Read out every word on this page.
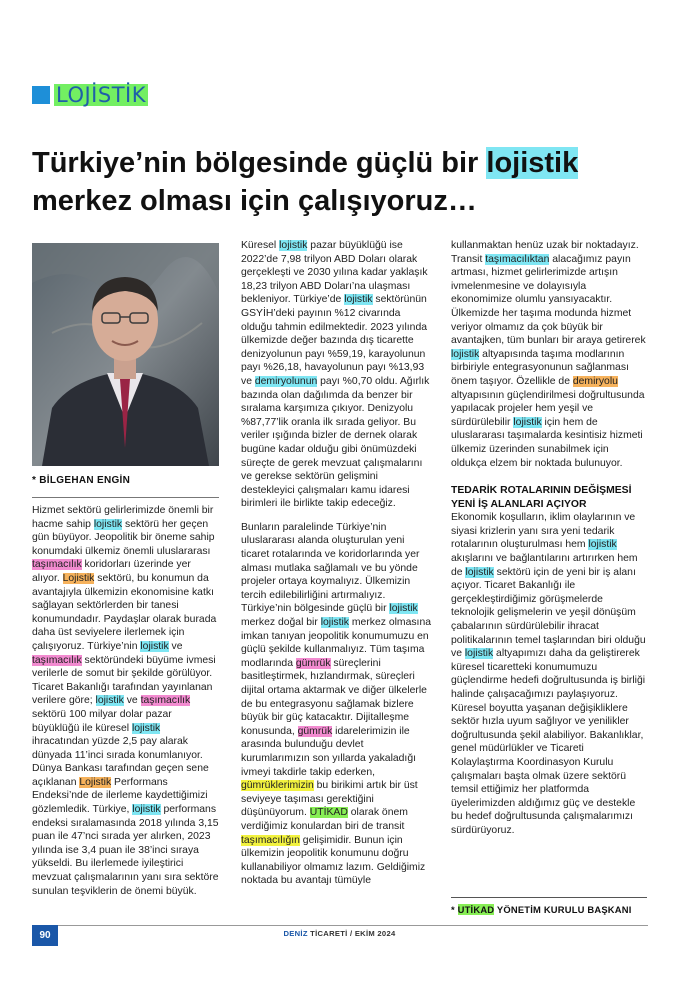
LOJİSTİK
Türkiye’nin bölgesinde güçlü bir lojistik merkez olması için çalışıyoruz…
* BİLGEHAN ENGİN

Hizmet sektörü gelirlerimizde önemli bir hacme sahip lojistik sektörü her geçen gün büyüyor. Jeopolitik bir öneme sahip konumdaki ülkemiz önemli uluslararası taşımacılık koridorları üzerinde yer alıyor. Lojistik sektörü, bu konumun da avantajıyla ülkemizin ekonomisine katkı sağlayan sektörlerden bir tanesi konumundadır. Paydaşlar olarak burada daha üst seviyelere ilerlemek için çalışıyoruz. Türkiye’nin lojistik ve taşımacılık sektöründeki büyüme ivmesi verilerle de somut bir şekilde görülüyor. Ticaret Bakanlığı tarafından yayınlanan verilere göre; lojistik ve taşımacılık sektörü 100 milyar dolar pazar büyüklüğü ile küresel lojistik ihracatından yüzde 2,5 pay alarak dünyada 11’inci sırada konumlanıyor. Dünya Bankası tarafından geçen sene açıklanan Lojistik Performans Endeksi’nde de ilerleme kaydettiğimizi gözlemledik. Türkiye, lojistik performans endeksi sıralamasında 2018 yılında 3,15 puan ile 47’nci sırada yer alırken, 2023 yılında ise 3,4 puan ile 38’inci sıraya yükseldi. Bu ilerlemede iyileştirici mevzuat çalışmalarının yanı sıra sektöre sunulan teşviklerin de önemi büyük.

Küresel lojistik pazar büyüklüğü ise 2022’de 7,98 trilyon ABD Doları olarak gerçekleşti ve 2030 yılına kadar yaklaşık 18,23 trilyon ABD Doları’na ulaşması bekleniyor. Türkiye’de lojistik sektörünün GSYİH’deki payının %12 civarında olduğu tahmin edilmektedir. 2023 yılında ülkemizde değer bazında dış ticarette denizyolunun payı %59,19, karayolunun payı %26,18, havayolunun payı %13,93 ve demiryolunun payı %0,70 oldu. Ağırlık bazında olan dağılımda da benzer bir sıralama karşımıza çıkıyor. Denizyolu %87,77’lik oranla ilk sırada geliyor. Bu veriler ışığında bizler de dernek olarak bugüne kadar olduğu gibi önümüzdeki süreçte de gerek mevzuat çalışmalarını ve gerekse sektörün gelişmini destekleyici çalışmaları kamu idaresi birimleri ile birlikte takip edeceğiz.

Bunların paralelinde Türkiye’nin uluslararası alanda oluşturulan yeni ticaret rotalarında ve koridorlarında yer alması mutlaka sağlamalı ve bu yönde projeler ortaya koymalıyız. Ülkemizin tercih edilebilirliğini artırmalıyız. Türkiye’nin bölgesinde güçlü bir lojistik merkez doğal bir lojistik merkez olmasına imkan tanıyan jeopolitik konumumuzu en güçlü şekilde kullanmalıyız. Tüm taşıma modlarında gümrük süreçlerini basitleştirmek, hızlandırmak, süreçleri dijital ortama aktarmak ve diğer ülkelerle de bu entegrasyonu sağlamak bizlere büyük bir güç katacaktır. Dijitalleşme konusunda, gümrük idarelerimizin ile arasında bulunduğu devlet kurumlarımızın son yıllarda yakaladığı ivmeyi takdirle takip ederken, gümrüklerimizin bu birikimi artık bir üst seviyeye taşıması gerektiğini düşünüyorum. UTİKAD olarak önem verdiğimiz konulardan biri de transit taşımacılığın gelişimidir. Bunun için ülkemizin jeopolitik konumunu doğru kullanabiliyor olmamız lazım. Geldiğimiz noktada bu avantajı tümüyle

kullanmaktan henüz uzak bir noktadayız. Transit taşımacılıktan alacağımız payın artması, hizmet gelirlerimizde artışın ivmelenmesine ve dolayısıyla ekonomimize olumlu yansıyacaktır. Ülkemizde her taşıma modunda hizmet veriyor olmamız da çok büyük bir avantajken, tüm bunları bir araya getirerek lojistik altyapısında taşıma modlarının birbiriyle entegrasyonunun sağlanması önem taşıyor. Özellikle de demiryolu altyapısının güçlendirilmesi doğrultusunda yapılacak projeler hem yeşil ve sürdürülebilir lojistik için hem de uluslararası taşımalarda kesintisiz hizmeti ülkemiz üzerinden sunabilmek için oldukça elzem bir noktada bulunuyor.

TEDARİK ROTALARININ DEĞİŞMESİ YENİ İŞ ALANLARI AÇIYOR

Ekonomik koşulların, iklim olaylarının ve siyasi krizlerin yanı sıra yeni tedarik rotalarının oluşturulması hem lojistik akışlarını ve bağlantılarını artırırken hem de lojistik sektörü için de yeni bir iş alanı açıyor. Ticaret Bakanlığı ile gerçekleştirdiğimiz görüşmelerde teknolojik gelişmelerin ve yeşil dönüşüm çabalarının sürdürülebilir ihracat politikalarının temel taşlarından biri olduğu ve lojistik altyapımızı daha da geliştirerek küresel ticaretteki konumumuzu güçlendirme hedefi doğrultusunda iş birliği halinde çalışacağımızı paylaşıyoruz. Küresel boyutta yaşanan değişikliklere sektör hızla uyum sağlıyor ve yenilikler doğrultusunda şekil alabiliyor. Bakanlıklar, genel müdürlükler ve Ticareti Kolaylaştırma Koordinasyon Kurulu çalışmaları başta olmak üzere sektörü temsil ettiğimiz her platformda üyelerimizden aldığımız güç ve destekle bu hedef doğrultusunda çalışmalarımızı sürdürüyoruz.

* UTİKAD YÖNETİM KURULU BAŞKANI
90	DENİZ TİCARETİ / EKİM 2024
